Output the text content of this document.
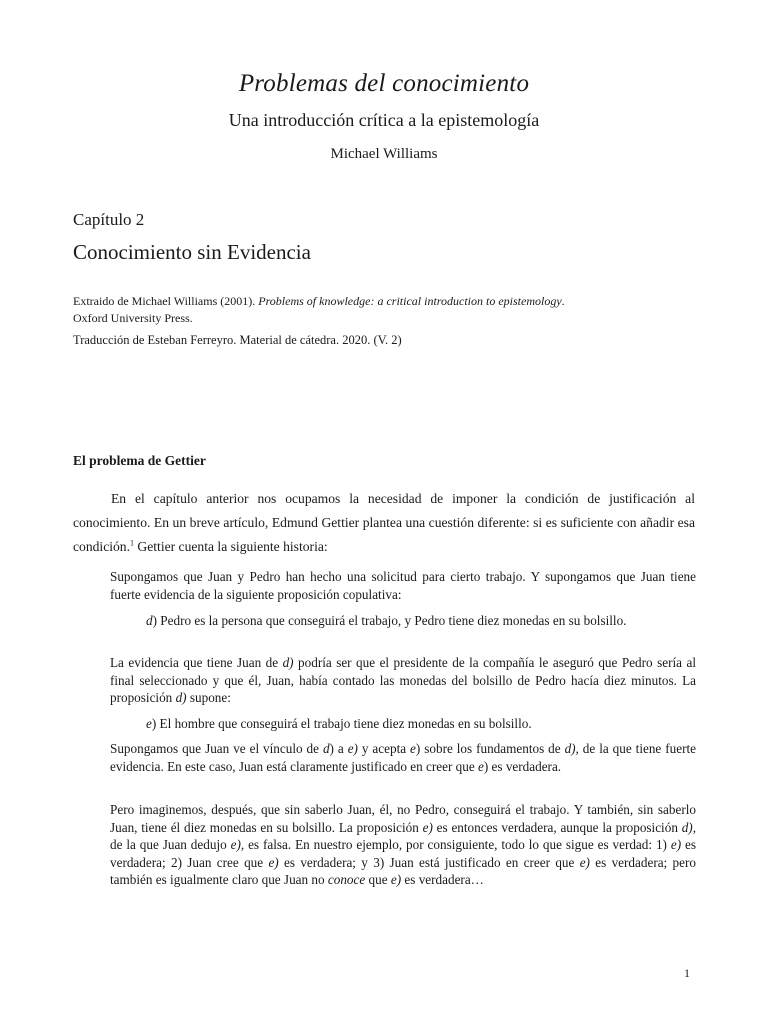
Problemas del conocimiento
Una introducción crítica a la epistemología
Michael Williams
Capítulo 2
Conocimiento sin Evidencia
Extraido de Michael Williams (2001). Problems of knowledge: a critical introduction to epistemology.
Oxford University Press.
Traducción de Esteban Ferreyro. Material de cátedra. 2020. (V. 2)
El problema de Gettier

En el capítulo anterior nos ocupamos la necesidad de imponer la condición de justificación al conocimiento. En un breve artículo, Edmund Gettier plantea una cuestión diferente: si es suficiente con añadir esa condición.$^1$ Gettier cuenta la siguiente historia:

Supongamos que Juan y Pedro han hecho una solicitud para cierto trabajo. Y supongamos que Juan tiene fuerte evidencia de la siguiente proposición copulativa:

d) Pedro es la persona que conseguirá el trabajo, y Pedro tiene diez monedas en su bolsillo.

La evidencia que tiene Juan de d) podría ser que el presidente de la compañía le aseguró que Pedro sería al final seleccionado y que él, Juan, había contado las monedas del bolsillo de Pedro hacía diez minutos. La proposición d) supone:

e) El hombre que conseguirá el trabajo tiene diez monedas en su bolsillo.

Supongamos que Juan ve el vínculo de d) a e) y acepta e) sobre los fundamentos de d), de la que tiene fuerte evidencia. En este caso, Juan está claramente justificado en creer que e) es verdadera.

Pero imaginemos, después, que sin saberlo Juan, él, no Pedro, conseguirá el trabajo. Y también, sin saberlo Juan, tiene él diez monedas en su bolsillo. La proposición e) es entonces verdadera, aunque la proposición d), de la que Juan dedujo e), es falsa. En nuestro ejemplo, por consiguiente, todo lo que sigue es verdad: 1) e) es verdadera; 2) Juan cree que e) es verdadera; y 3) Juan está justificado en creer que e) es verdadera; pero también es igualmente claro que Juan no conoce que e) es verdadera…

1
